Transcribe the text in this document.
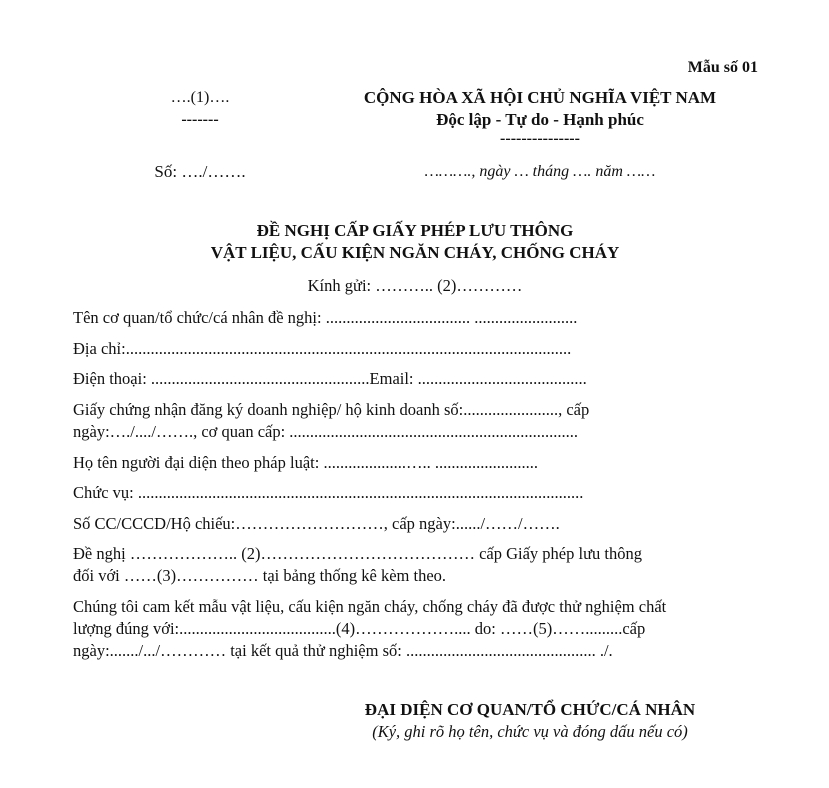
Mẫu số 01
….(1)….
-------
Số: …./…….
CỘNG HÒA XÃ HỘI CHỦ NGHĨA VIỆT NAM
Độc lập - Tự do - Hạnh phúc
---------------
………., ngày … tháng …. năm ……
ĐỀ NGHỊ CẤP GIẤY PHÉP LƯU THÔNG
VẬT LIỆU, CẤU KIỆN NGĂN CHÁY, CHỐNG CHÁY
Kính gửi: ……….. (2)…………
Tên cơ quan/tổ chức/cá nhân đề nghị: ................................... .........................
Địa chỉ:............................................................................................................
Điện thoại: .....................................................Email: .........................................
Giấy chứng nhận đăng ký doanh nghiệp/ hộ kinh doanh số:......................., cấp
ngày:…./..../……., cơ quan cấp: ......................................................................
Họ tên người đại diện theo pháp luật: ....................….. .........................
Chức vụ: ............................................................................................................
Số CC/CCCD/Hộ chiếu:………………………, cấp ngày:....../……/…….
Đề nghị ……………….. (2)………………………………… cấp Giấy phép lưu thông
đối với ……(3)…………… tại bảng thống kê kèm theo.
Chúng tôi cam kết mẫu vật liệu, cấu kiện ngăn cháy, chống cháy đã được thử nghiệm chất
lượng đúng với:......................................(4)……………….... do: ……(5)…….........cấp
ngày:......./.../………… tại kết quả thử nghiệm số: .............................................. ./.
ĐẠI DIỆN CƠ QUAN/TỔ CHỨC/CÁ NHÂN
(Ký, ghi rõ họ tên, chức vụ và đóng dấu nếu có)
